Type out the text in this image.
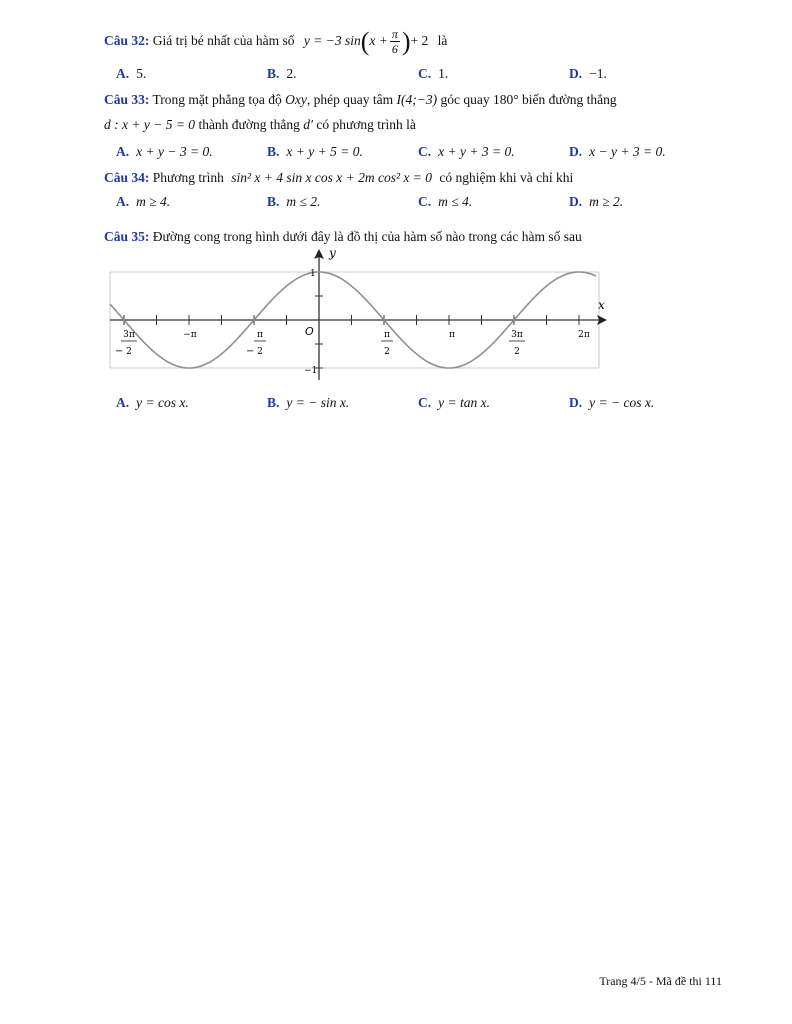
Câu 32: Giá trị bé nhất của hàm số y = −3 $\sin(x + \frac{\pi}{6}$ )+ 2 là
A. 5.	B. 2.	C. 1.	D. −1.
Câu 33: Trong mặt phẳng tọa độ Oxy, phép quay tâm I(4;−3) góc quay 180° biến đường thẳng
d : x + y − 5 = 0 thành đường thẳng d′ có phương trình là
A. x + y − 3 = 0.	B. x + y + 5 = 0.	C. x + y + 3 = 0.	D. x − y + 3 = 0.
Câu 34: Phương trình sin² x + 4 sin x cos x + 2m cos² x = 0 có nghiệm khi và chỉ khi
A. m ≥ 4.	B. m ≤ 2.	C. m ≤ 4.	D. m ≥ 2.
Câu 35: Đường cong trong hình dưới đây là đồ thị của hàm số nào trong các hàm số sau
x
y
O
1
−1
−
3π
2
−π
−
π
2
π
2
π	3π
2
2π
A. y = cos x.	B. y = − sin x.	C. y = tan x.	D. y = − cos x.
Trang 4/5 - Mã đề thi 111
